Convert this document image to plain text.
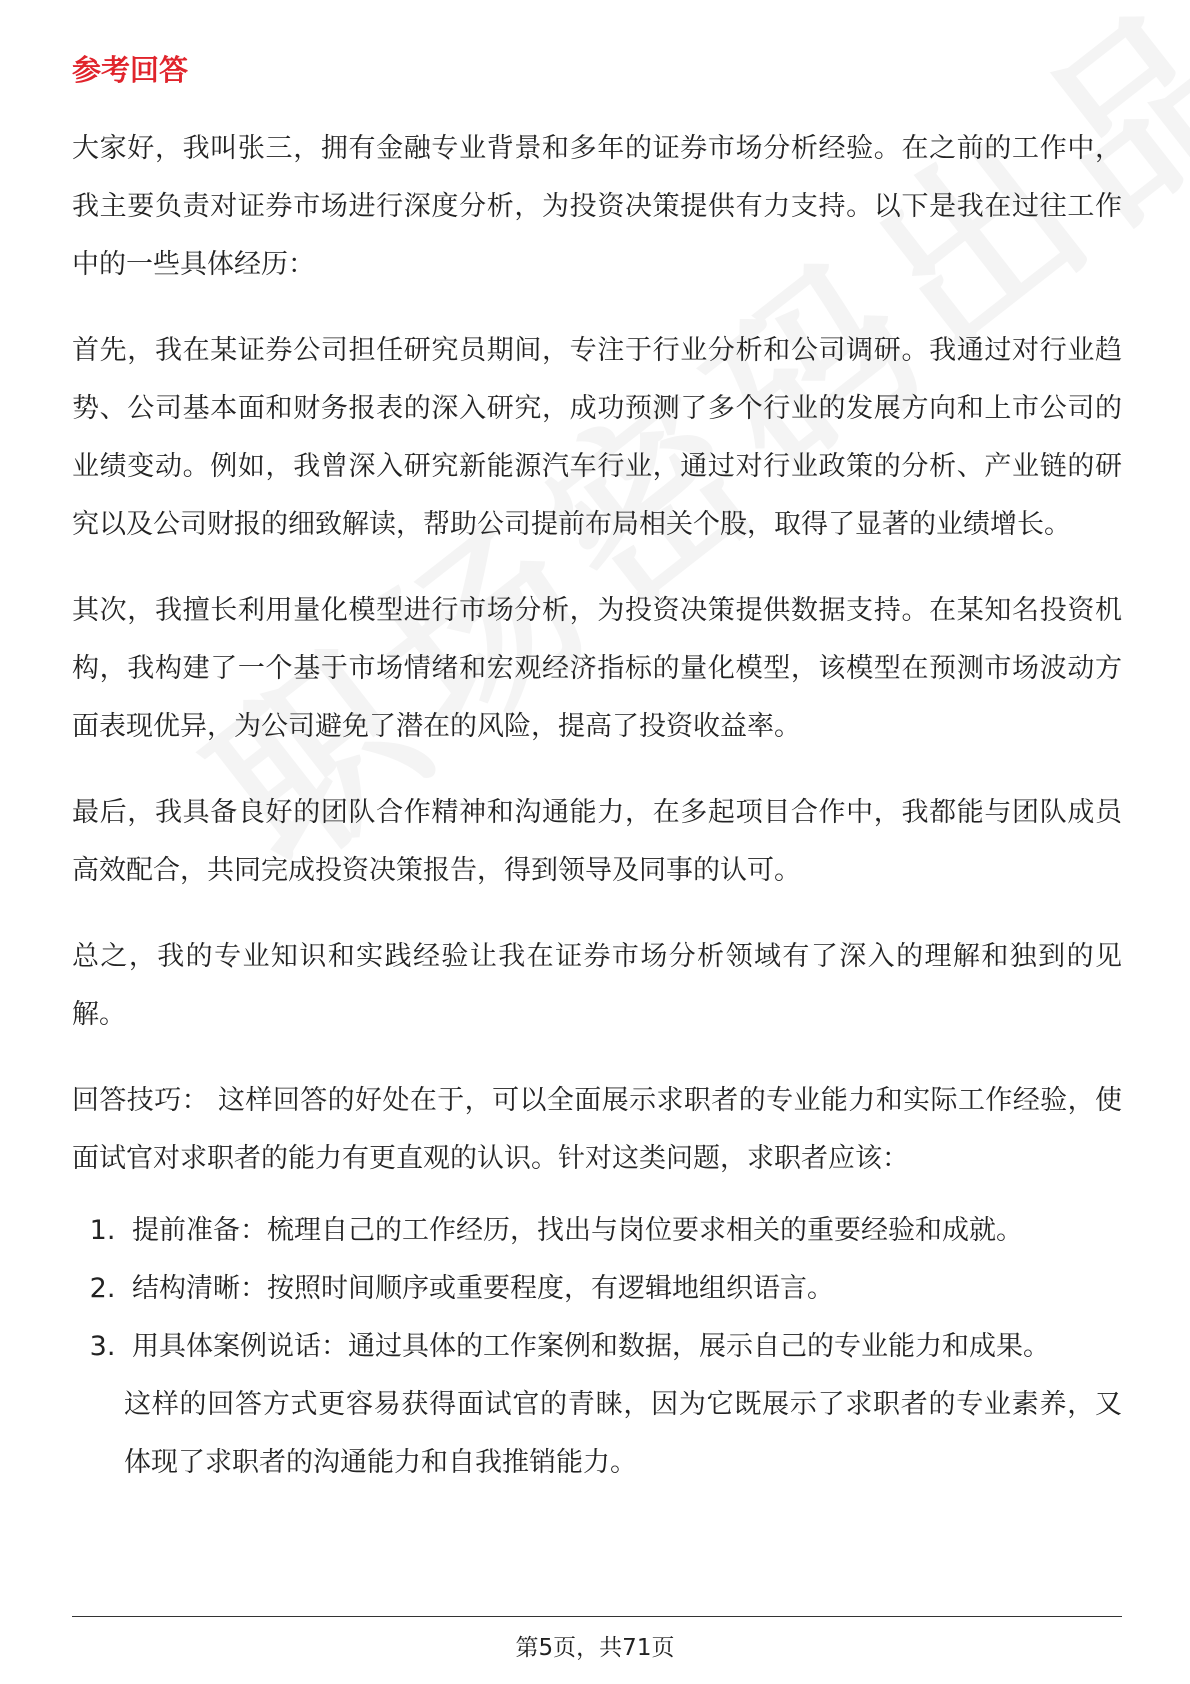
参考回答

大家好，我叫张三，拥有金融专业背景和多年的证券市场分析经验。在之前的工作中，我主要负责对证券市场进行深度分析，为投资决策提供有力支持。以下是我在过往工作中的一些具体经历：

首先，我在某证券公司担任研究员期间，专注于行业分析和公司调研。我通过对行业趋势、公司基本面和财务报表的深入研究，成功预测了多个行业的发展方向和上市公司的业绩变动。例如，我曾深入研究新能源汽车行业，通过对行业政策的分析、产业链的研究以及公司财报的细致解读，帮助公司提前布局相关个股，取得了显著的业绩增长。

其次，我擅长利用量化模型进行市场分析，为投资决策提供数据支持。在某知名投资机构，我构建了一个基于市场情绪和宏观经济指标的量化模型，该模型在预测市场波动方面表现优异，为公司避免了潜在的风险，提高了投资收益率。

最后，我具备良好的团队合作精神和沟通能力，在多起项目合作中，我都能与团队成员高效配合，共同完成投资决策报告，得到领导及同事的认可。

总之，我的专业知识和实践经验让我在证券市场分析领域有了深入的理解和独到的见解。

回答技巧： 这样回答的好处在于，可以全面展示求职者的专业能力和实际工作经验，使面试官对求职者的能力有更直观的认识。针对这类问题，求职者应该：

1. 提前准备：梳理自己的工作经历，找出与岗位要求相关的重要经验和成就。
2. 结构清晰：按照时间顺序或重要程度，有逻辑地组织语言。
3. 用具体案例说话：通过具体的工作案例和数据，展示自己的专业能力和成果。

这样的回答方式更容易获得面试官的青睐，因为它既展示了求职者的专业素养，又体现了求职者的沟通能力和自我推销能力。

第5页，共71页
